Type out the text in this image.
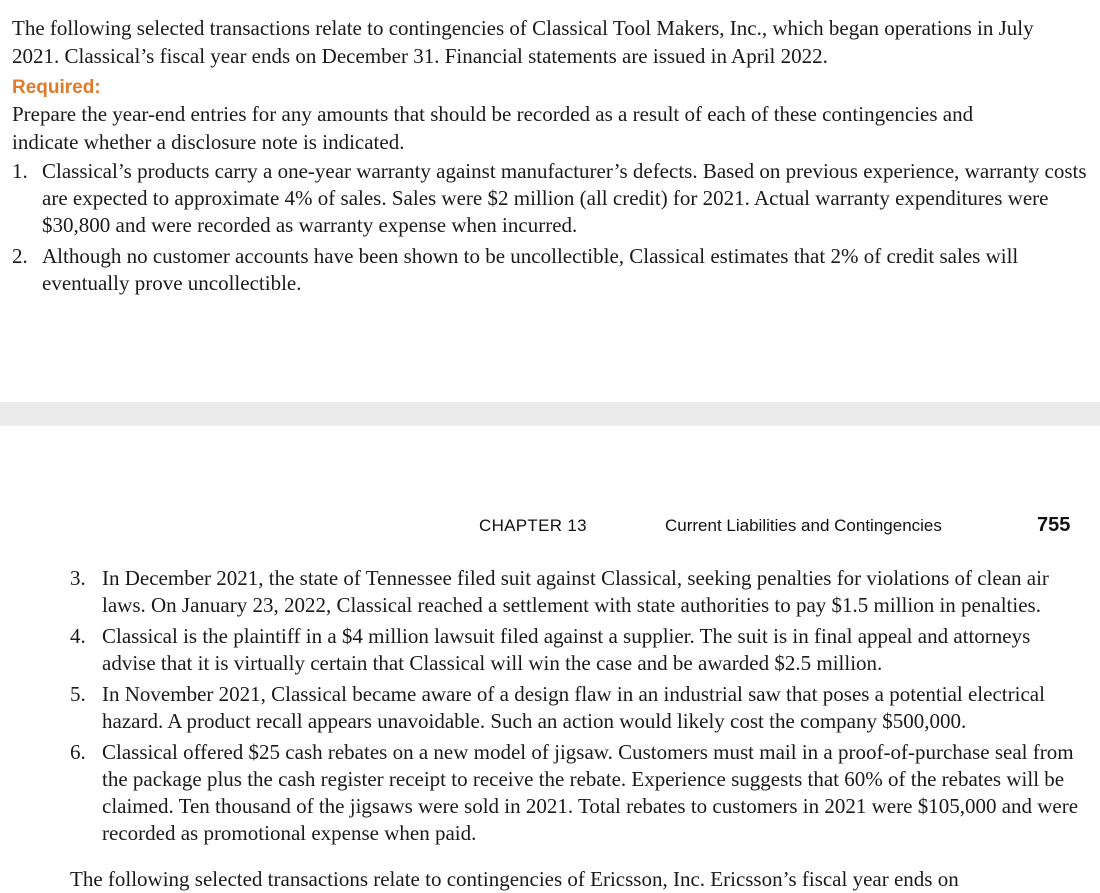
The following selected transactions relate to contingencies of Classical Tool Makers, Inc., which began operations in July 2021. Classical’s fiscal year ends on December 31. Financial statements are issued in April 2022.

Required:

Prepare the year-end entries for any amounts that should be recorded as a result of each of these contingencies and indicate whether a disclosure note is indicated.

1. Classical’s products carry a one-year warranty against manufacturer’s defects. Based on previous experience, warranty costs are expected to approximate 4% of sales. Sales were $2 million (all credit) for 2021. Actual warranty expenditures were $30,800 and were recorded as warranty expense when incurred.
2. Although no customer accounts have been shown to be uncollectible, Classical estimates that 2% of credit sales will eventually prove uncollectible.
CHAPTER 13	Current Liabilities and Contingencies	755
3. In December 2021, the state of Tennessee filed suit against Classical, seeking penalties for violations of clean air laws. On January 23, 2022, Classical reached a settlement with state authorities to pay $1.5 million in penalties.
4. Classical is the plaintiff in a $4 million lawsuit filed against a supplier. The suit is in final appeal and attorneys advise that it is virtually certain that Classical will win the case and be awarded $2.5 million.
5. In November 2021, Classical became aware of a design flaw in an industrial saw that poses a potential electrical hazard. A product recall appears unavoidable. Such an action would likely cost the company $500,000.
6. Classical offered $25 cash rebates on a new model of jigsaw. Customers must mail in a proof-of-purchase seal from the package plus the cash register receipt to receive the rebate. Experience suggests that 60% of the rebates will be claimed. Ten thousand of the jigsaws were sold in 2021. Total rebates to customers in 2021 were $105,000 and were recorded as promotional expense when paid.
The following selected transactions relate to contingencies of Ericsson, Inc. Ericsson’s fiscal year ends on
